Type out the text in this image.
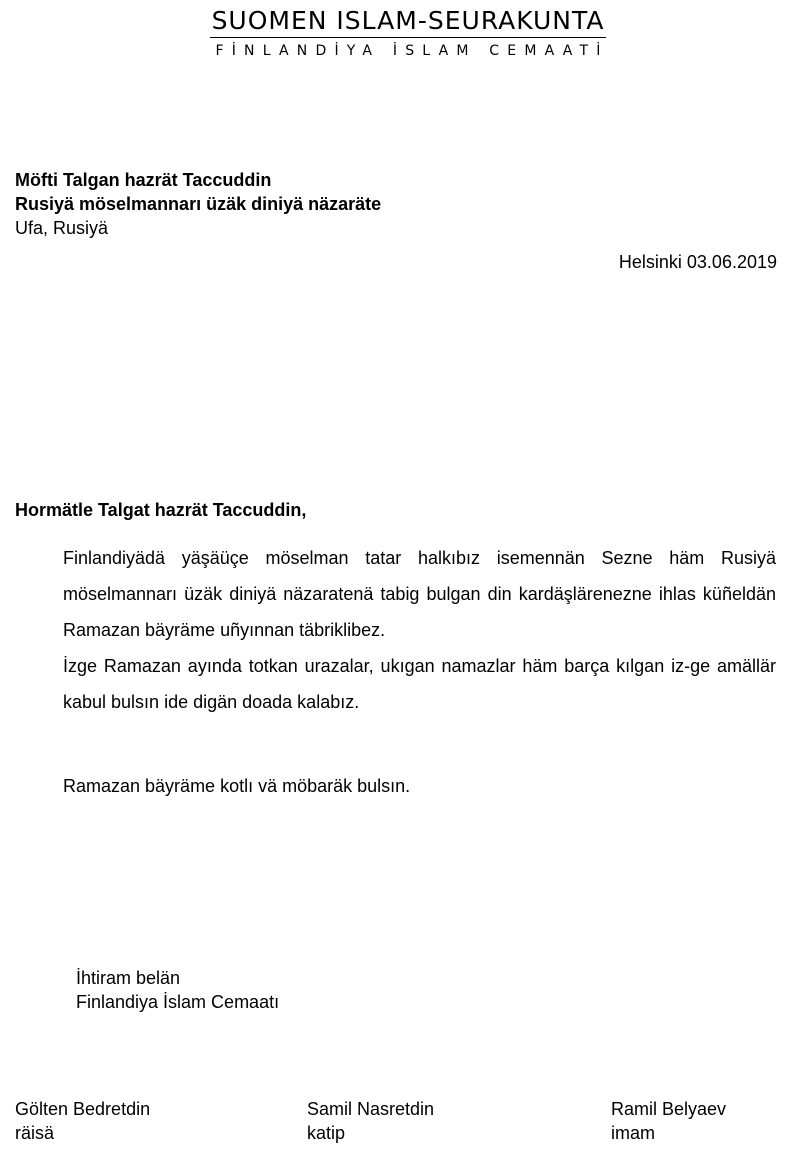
SUOMEN ISLAM-SEURAKUNTA
FİNLANDİYA İSLAM CEMAATİ
Möfti Talgan hazrät Taccuddin
Rusiyä möselmannarı üzäk diniyä näzaräte
Ufa, Rusiyä
Helsinki 03.06.2019
Hormätle Talgat hazrät Taccuddin,

Finlandiyädä yäşäüçe möselman tatar halkıbız isemennän Sezne häm Rusiyä möselmannarı üzäk diniyä näzaratenä tabig bulgan din kardäşlärenezne ihlas küñeldän Ramazan bäyräme uñyınnan täbriklibez.

İzge Ramazan ayında totkan urazalar, ukıgan namazlar häm barça kılgan iz-ge amällär kabul bulsın ide digän doada kalabız.

Ramazan bäyräme kotlı vä möbaräk bulsın.
İhtiram belän
Finlandiya İslam Cemaatı
Gölten Bedretdin
räisä
Samil Nasretdin
katip
Ramil Belyaev
imam
